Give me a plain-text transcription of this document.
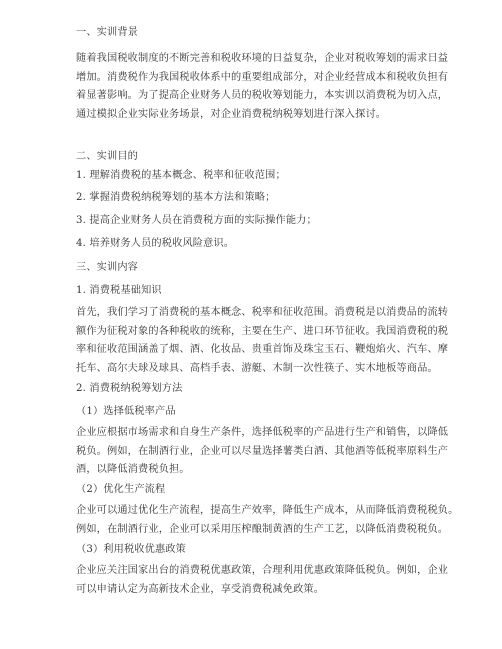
一、实训背景
随着我国税收制度的不断完善和税收环境的日益复杂，企业对税收筹划的需求日益
增加。消费税作为我国税收体系中的重要组成部分，对企业经营成本和税收负担有
着显著影响。为了提高企业财务人员的税收筹划能力，本实训以消费税为切入点，
通过模拟企业实际业务场景，对企业消费税纳税筹划进行深入探讨。
二、实训目的
1. 理解消费税的基本概念、税率和征收范围；
2. 掌握消费税纳税筹划的基本方法和策略；
3. 提高企业财务人员在消费税方面的实际操作能力；
4. 培养财务人员的税收风险意识。
三、实训内容
1. 消费税基础知识
首先，我们学习了消费税的基本概念、税率和征收范围。消费税是以消费品的流转
额作为征税对象的各种税收的统称，主要在生产、进口环节征收。我国消费税的税
率和征收范围涵盖了烟、酒、化妆品、贵重首饰及珠宝玉石、鞭炮焰火、汽车、摩
托车、高尔夫球及球具、高档手表、游艇、木制一次性筷子、实木地板等商品。
2. 消费税纳税筹划方法
（1）选择低税率产品
企业应根据市场需求和自身生产条件，选择低税率的产品进行生产和销售，以降低
税负。例如，在制酒行业，企业可以尽量选择薯类白酒、其他酒等低税率原料生产
酒，以降低消费税负担。
（2）优化生产流程
企业可以通过优化生产流程，提高生产效率，降低生产成本，从而降低消费税税负。
例如，在制酒行业，企业可以采用压榨酿制黄酒的生产工艺，以降低消费税税负。
（3）利用税收优惠政策
企业应关注国家出台的消费税优惠政策，合理利用优惠政策降低税负。例如，企业
可以申请认定为高新技术企业，享受消费税减免政策。
